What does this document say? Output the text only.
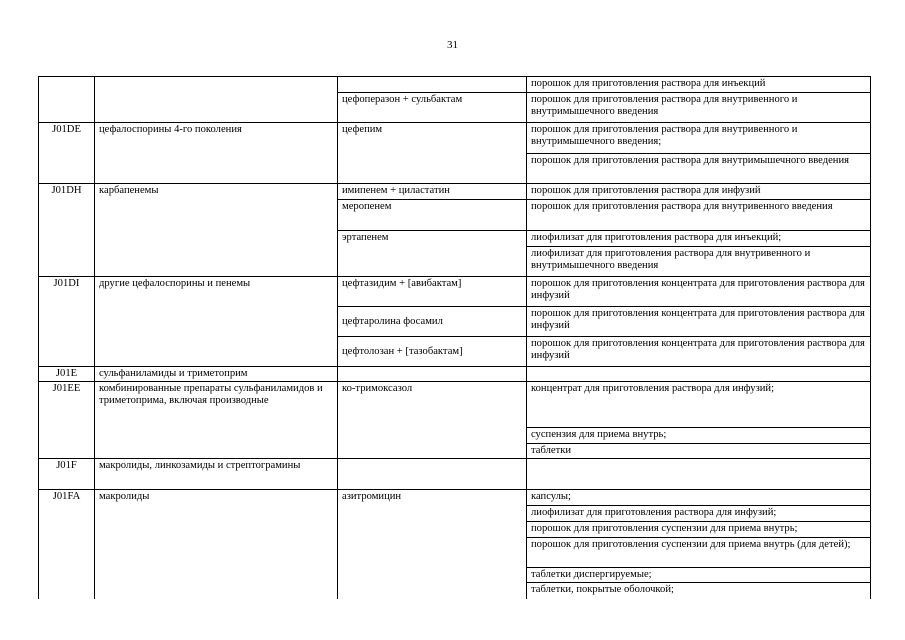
31
			порошок для приготовления раствора для инъекций
		цефоперазон + сульбактам	порошок для приготовления раствора для внутривенного и внутримышечного введения
J01DE	цефалоспорины 4-го поколения	цефепим	порошок для приготовления раствора для внутривенного и внутримышечного введения;
			порошок для приготовления раствора для внутримышечного введения
J01DH	карбапенемы	имипенем + циластатин	порошок для приготовления раствора для инфузий
		меропенем	порошок для приготовления раствора для внутривенного введения
		эртапенем	лиофилизат для приготовления раствора для инъекций;
			лиофилизат для приготовления раствора для внутривенного и внутримышечного введения
J01DI	другие цефалоспорины и пенемы	цефтазидим + [авибактам]	порошок для приготовления концентрата для приготовления раствора для инфузий
		цефтаролина фосамил	порошок для приготовления концентрата для приготовления раствора для инфузий
		цефтолозан + [тазобактам]	порошок для приготовления концентрата для приготовления раствора для инфузий
J01E	сульфаниламиды и триметоприм		
J01EE	комбинированные препараты сульфаниламидов и триметоприма, включая производные	ко-тримоксазол	концентрат для приготовления раствора для инфузий;
			суспензия для приема внутрь;
			таблетки
J01F	макролиды, линкозамиды и стрептограмины		
J01FA	макролиды	азитромицин	капсулы;
			лиофилизат для приготовления раствора для инфузий;
			порошок для приготовления суспензии для приема внутрь;
			порошок для приготовления суспензии для приема внутрь (для детей);
			таблетки диспергируемые;
			таблетки, покрытые оболочкой;
